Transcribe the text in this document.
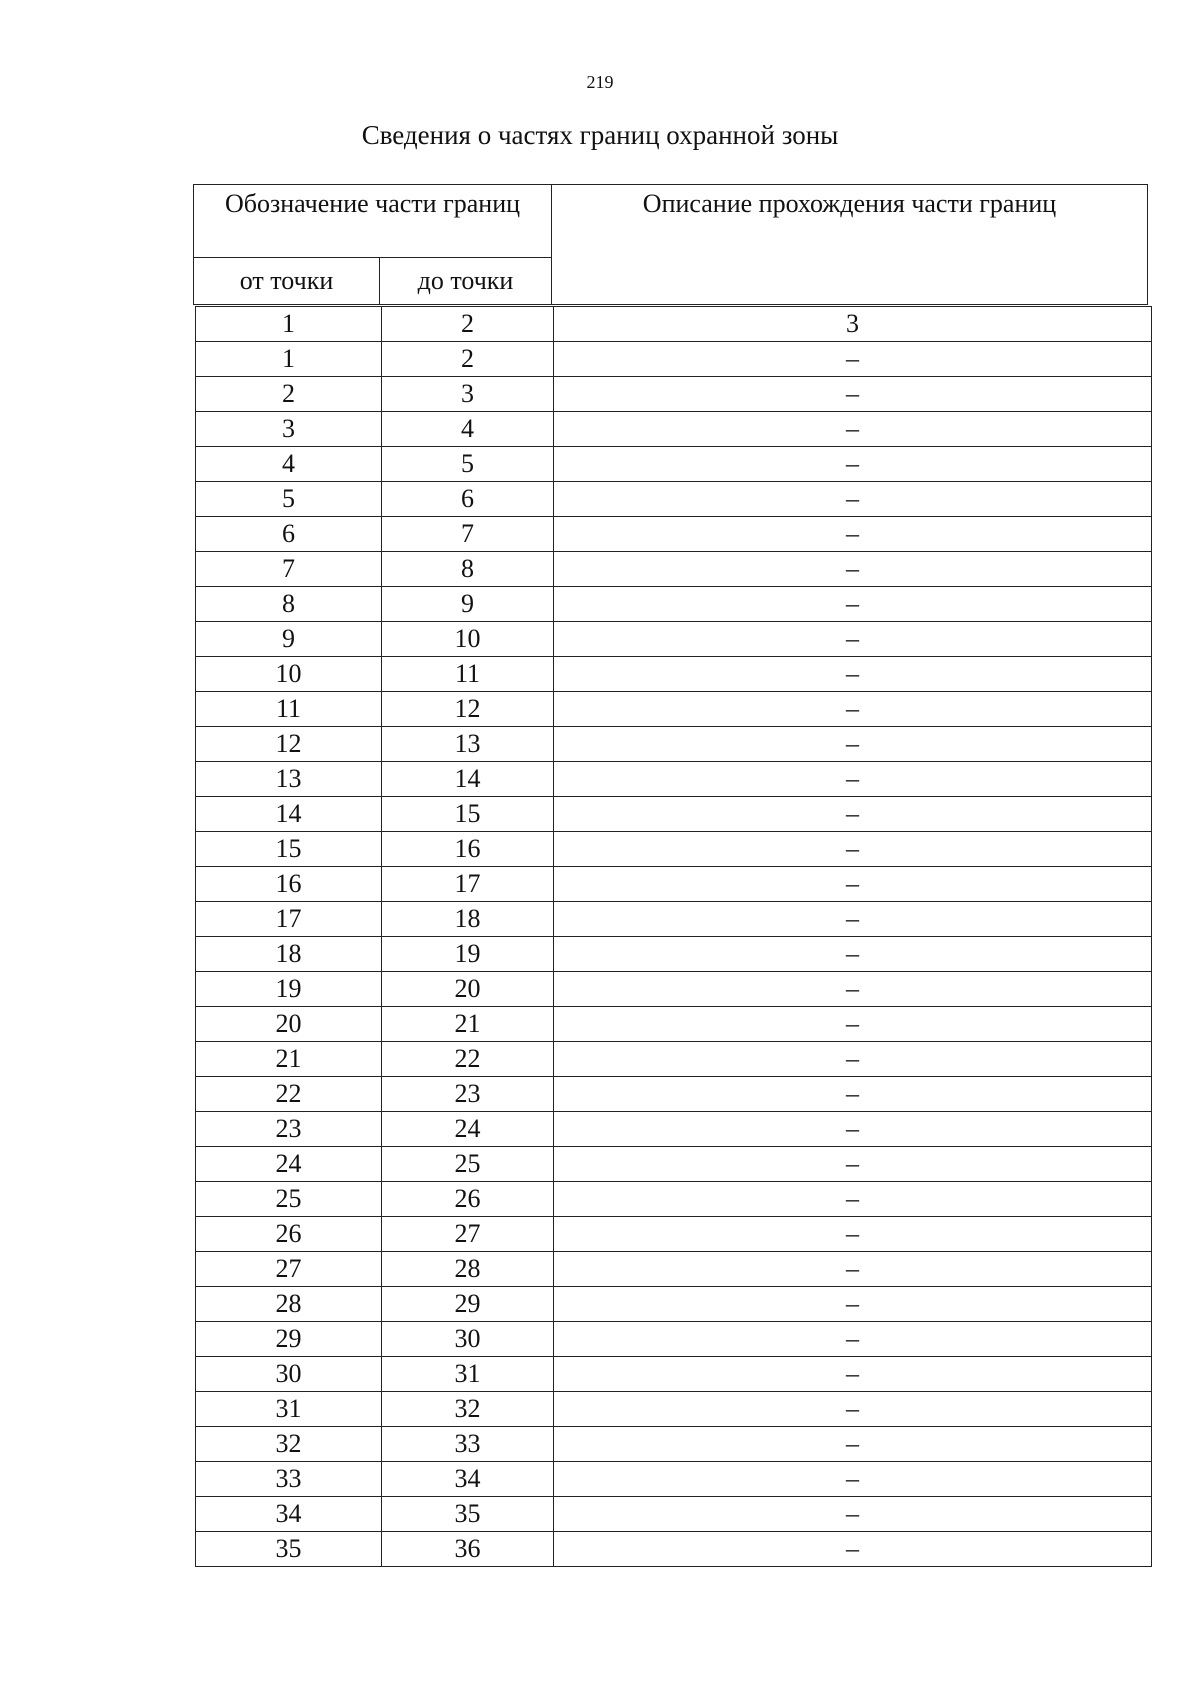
219
Сведения о частях границ охранной зоны
Обозначение части границ		Описание прохождения части границ
от точки	до точки	
1	2	3
1	2	–
2	3	–
3	4	–
4	5	–
5	6	–
6	7	–
7	8	–
8	9	–
9	10	–
10	11	–
11	12	–
12	13	–
13	14	–
14	15	–
15	16	–
16	17	–
17	18	–
18	19	–
19	20	–
20	21	–
21	22	–
22	23	–
23	24	–
24	25	–
25	26	–
26	27	–
27	28	–
28	29	–
29	30	–
30	31	–
31	32	–
32	33	–
33	34	–
34	35	–
35	36	–
